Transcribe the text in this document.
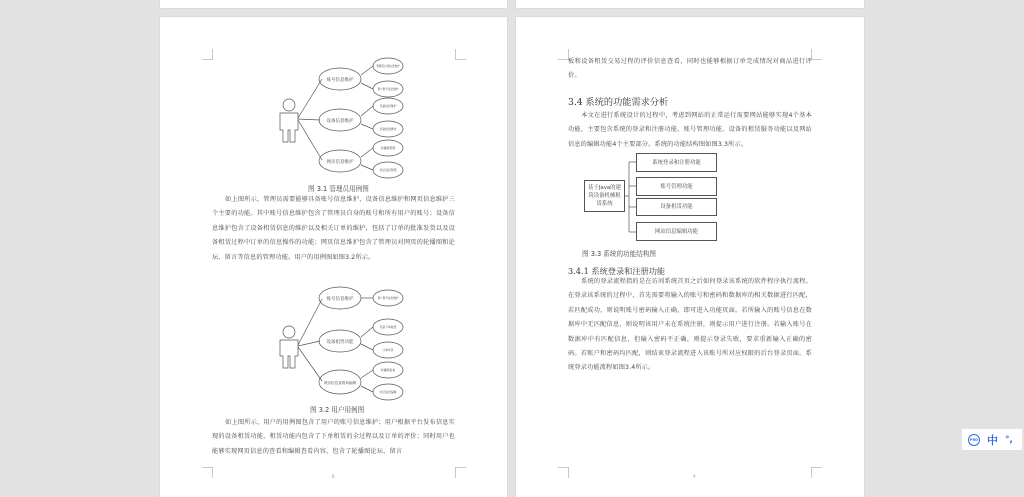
账号信息维护
设备信息维护
网页信息维护
管理员自身信息维护
用户账号信息维护
设备信息维护
设备租赁操作
轮播图管理
论坛信息管理
图 3.1 管理员用例图
如上图所示，管理员需要能够具备账号信息维护、设备信息维护和网页信息维护三个主要的功能。其中账号信息维护包含了管理员自身的账号和所有用户的账号；设备信息维护包含了设备租赁信息的维护以及相关订单的维护，包括了订单的批准发货以及设备租赁过程中订单的信息操作的功能；网页信息维护包含了管理员对网页的轮播图和论坛、留言等信息的管理功能。用户的用例图如图3.2所示。
账号信息维护
设备租赁功能
网页信息查看和编辑
用户账号信息维护
设备下单租赁
订单评价
轮播图查看
论坛信息编辑
图 3.2 用户用例图
如上图所示，用户的用例图包含了用户的账号信息维护；用户根据平台发布信息实现的设备租赁功能，租赁功能内包含了下单租赁的全过程以及订单的评价；同时用户也能够实现网页信息的查看和编辑查看内容，包含了轮播图论坛、留言
8
板和设备租赁交易过程的评价信息查看，同时也能够根据订单完成情况对商品进行评价。
3.4 系统的功能需求分析
本文在进行系统设计的过程中，考虑到网站的正常运行需要网站能够实现4个基本功能，主要包含系统的登录和注册功能、账号管理功能、设备的租赁服务功能以及网站信息的编辑功能4个主要部分。系统的功能结构图如图3.3所示。
基于Java的建筑设备机械租赁系统
系统登录和注册功能
账号管理功能
设备租赁功能
网站信息编辑功能
图 3.3 系统的功能结构图
3.4.1 系统登录和注册功能
系统的登录流程指的是在访问系统首页之后如何登录该系统的软件程序执行流程。在登录该系统的过程中，首先需要将输入的账号和密码和数据库的相关数据进行匹配，若匹配成功，则说明账号密码输入正确，即可进入功能页面。若所输入的账号信息在数据库中无匹配信息，则说明该用户未在系统注册，则提示用户进行注册。若输入账号在数据库中有匹配信息，但输入密码不正确，则提示登录失败，要求重新输入正确的密码。若账户和密码均匹配，则结束登录流程进入该账号所对应权限的后台登录页面。系统登录功能流程如图3.4所示。
9
PRO 中 °,
